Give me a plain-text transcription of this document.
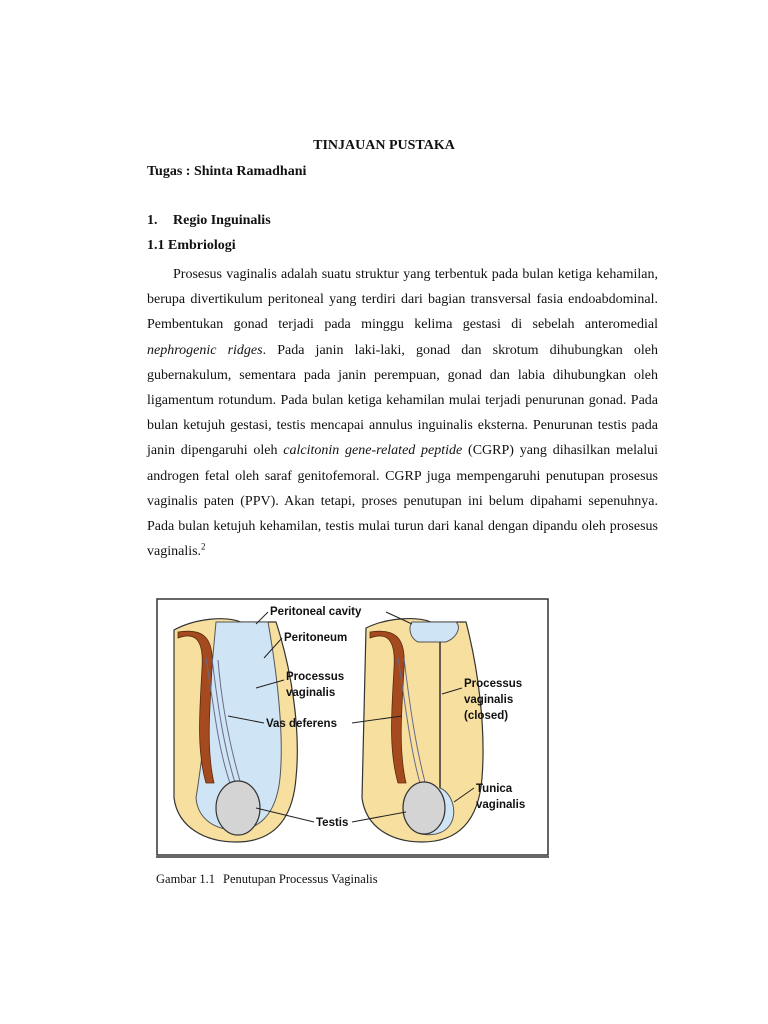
TINJAUAN PUSTAKA
Tugas : Shinta Ramadhani
1. Regio Inguinalis
1.1 Embriologi

Prosesus vaginalis adalah suatu struktur yang terbentuk pada bulan ketiga kehamilan, berupa divertikulum peritoneal yang terdiri dari bagian transversal fasia endoabdominal. Pembentukan gonad terjadi pada minggu kelima gestasi di sebelah anteromedial nephrogenic ridges. Pada janin laki-laki, gonad dan skrotum dihubungkan oleh gubernakulum, sementara pada janin perempuan, gonad dan labia dihubungkan oleh ligamentum rotundum. Pada bulan ketiga kehamilan mulai terjadi penurunan gonad. Pada bulan ketujuh gestasi, testis mencapai annulus inguinalis eksterna. Penurunan testis pada janin dipengaruhi oleh calcitonin gene-related peptide (CGRP) yang dihasilkan melalui androgen fetal oleh saraf genitofemoral. CGRP juga mempengaruhi penutupan prosesus vaginalis paten (PPV). Akan tetapi, proses penutupan ini belum dipahami sepenuhnya. Pada bulan ketujuh kehamilan, testis mulai turun dari kanal dengan dipandu oleh prosesus vaginalis.$^2$

Peritoneal cavity
Peritoneum
Processus
vaginalis
Vas deferens
Testis
Processus
vaginalis
(closed)
Tunica
vaginalis
Gambar 1.1 Penutupan Processus Vaginalis
